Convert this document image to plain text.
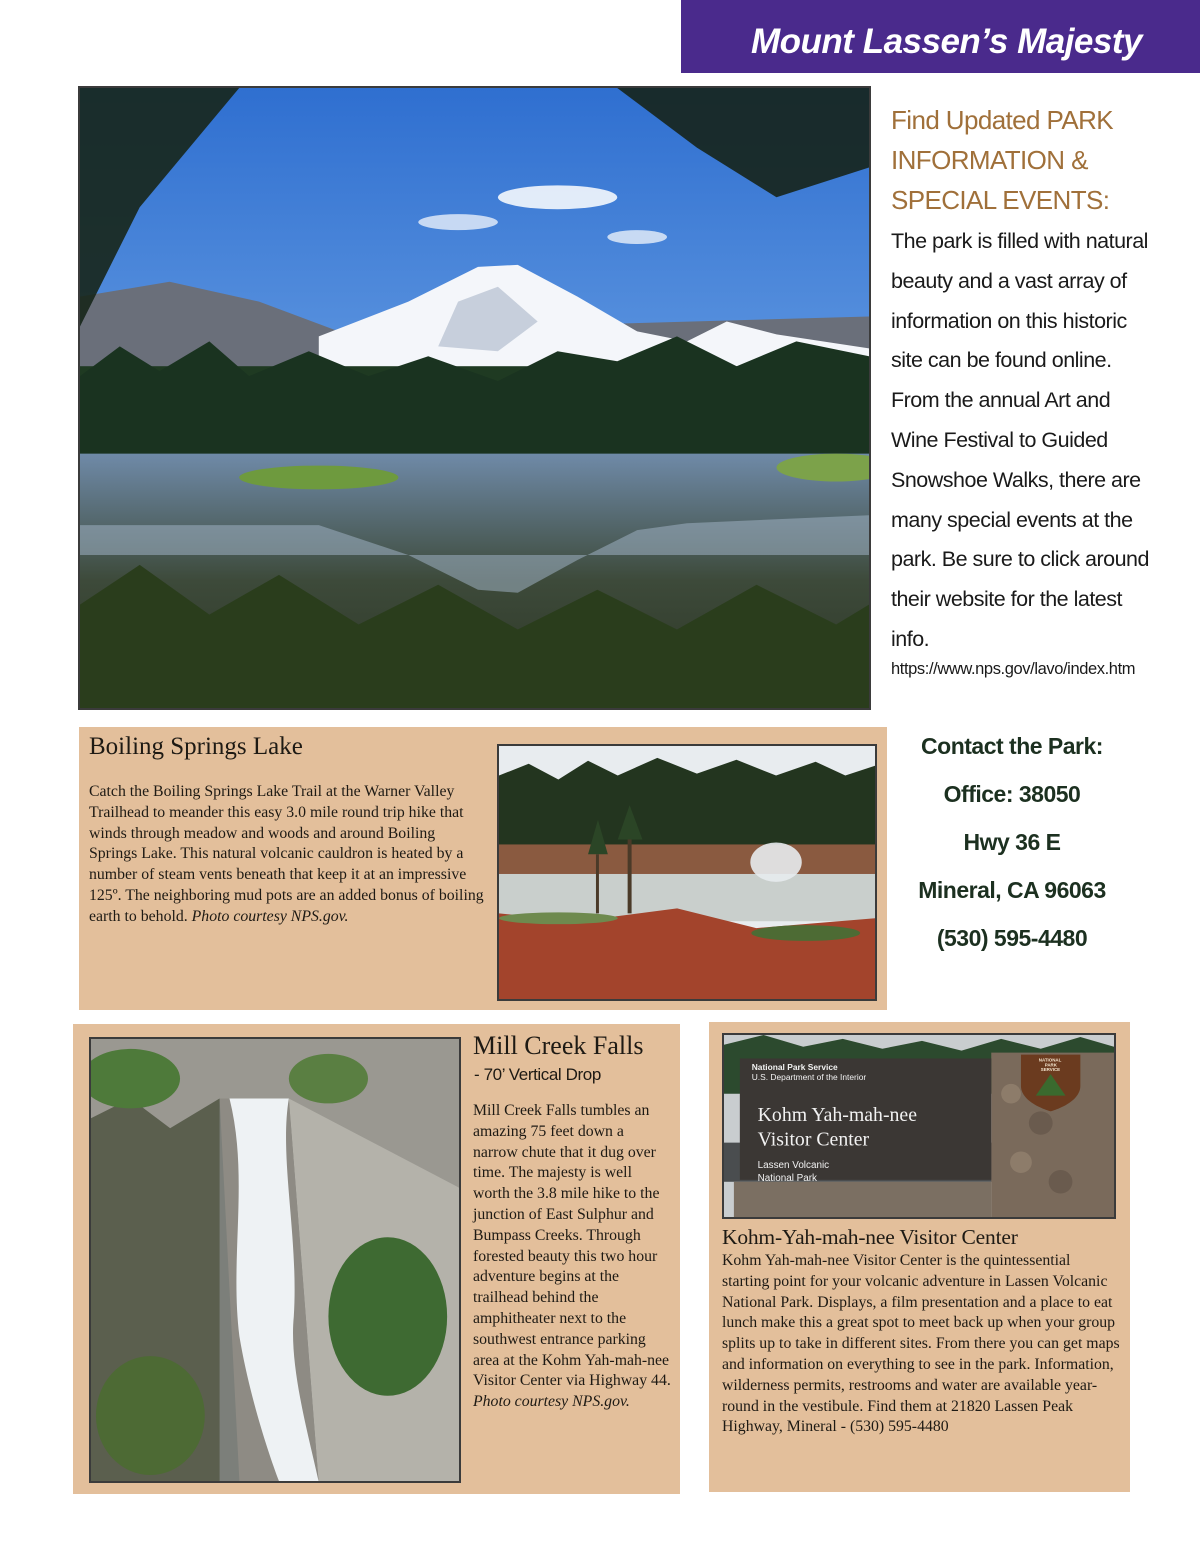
Mount Lassen’s Majesty
Find Updated PARK INFORMATION & SPECIAL EVENTS:
The park is filled with natural beauty and a vast array of information on this historic site can be found online. From the annual Art and Wine Festival to Guided Snowshoe Walks, there are many special events at the park. Be sure to click around their website for the latest info.
https://www.nps.gov/lavo/index.htm
Contact the Park:
Office: 38050
Hwy 36 E
Mineral, CA 96063
(530) 595-4480
Boiling Springs Lake
Catch the Boiling Springs Lake Trail at the Warner Valley Trailhead to meander this easy 3.0 mile round trip hike that winds through meadow and woods and around Boiling Springs Lake. This natural volcanic cauldron is heated by a number of steam vents beneath that keep it at an impressive 125º. The neighboring mud pots are an added bonus of boiling earth to behold. Photo courtesy NPS.gov.
Mill Creek Falls
- 70’ Vertical Drop
Mill Creek Falls tumbles an amazing 75 feet down a narrow chute that it dug over time. The majesty is well worth the 3.8 mile hike to the junction of East Sulphur and Bumpass Creeks. Through forested beauty this two hour adventure begins at the trailhead behind the amphitheater next to the southwest entrance parking area at the Kohm Yah-mah-nee Visitor Center via Highway 44. Photo courtesy NPS.gov.
National Park Service
U.S. Department of the Interior
Kohm Yah-mah-nee
Visitor Center
Lassen Volcanic
National Park
NATIONAL
PARK
SERVICE
Kohm-Yah-mah-nee Visitor Center
Kohm Yah-mah-nee Visitor Center is the quintessential starting point for your volcanic adventure in Lassen Volcanic National Park. Displays, a film presentation and a place to eat lunch make this a great spot to meet back up when your group splits up to take in different sites. From there you can get maps and information on everything to see in the park. Information, wilderness permits, restrooms and water are available year-round in the vestibule. Find them at 21820 Lassen Peak Highway, Mineral - (530) 595-4480
